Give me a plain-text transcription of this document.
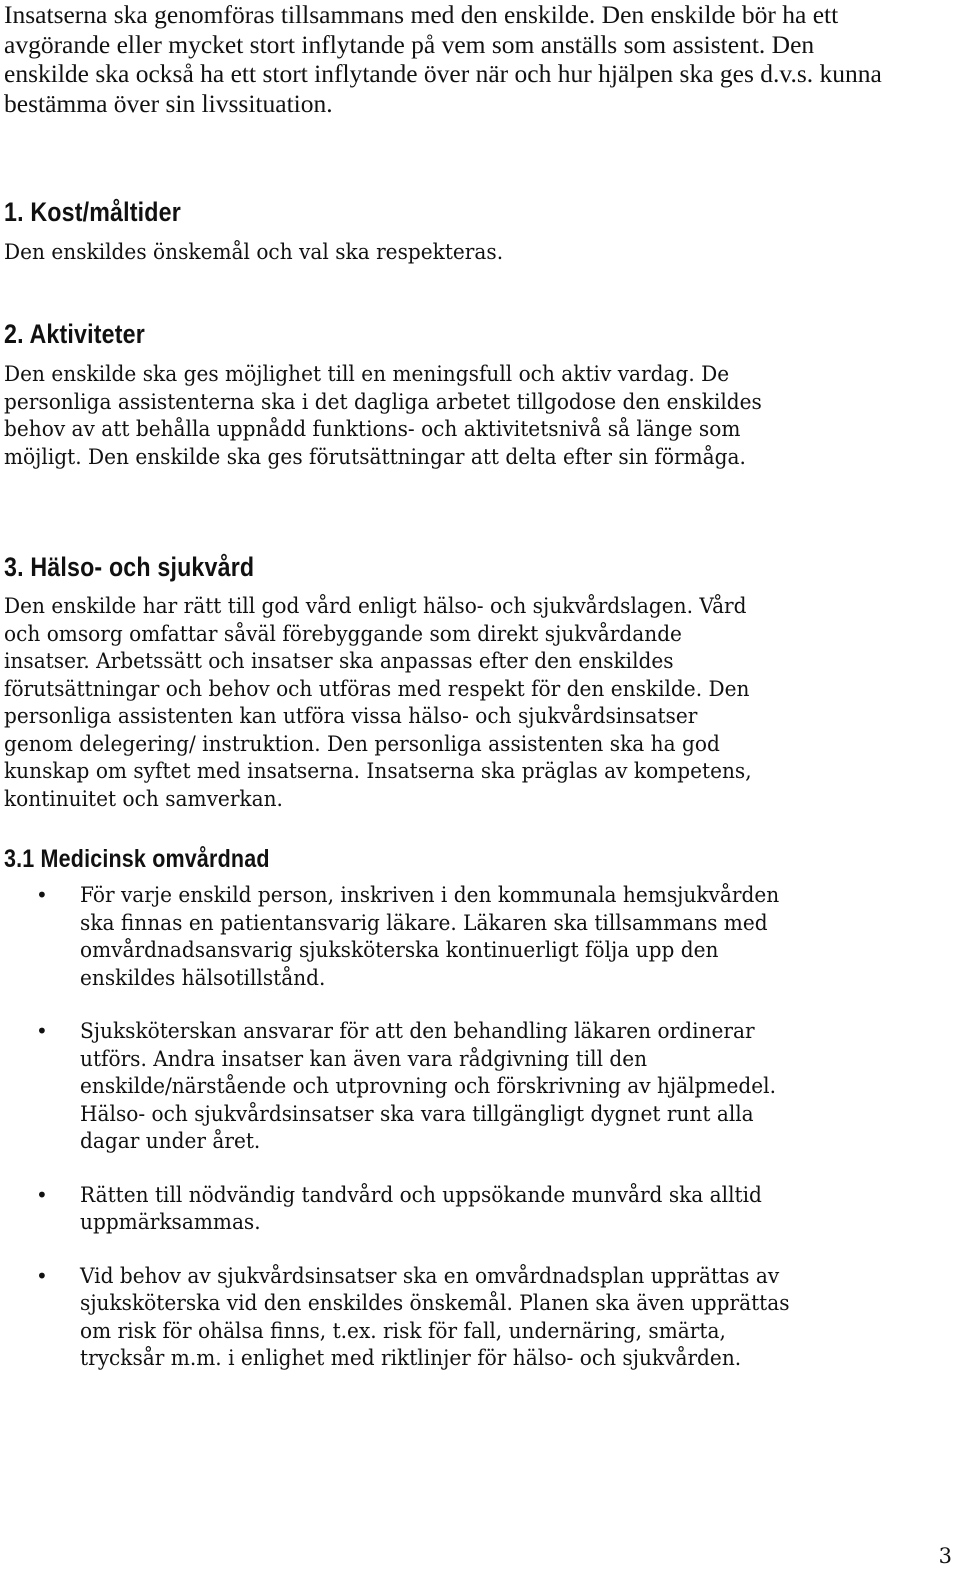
Insatserna ska genomföras tillsammans med den enskilde. Den enskilde bör ha ett avgörande eller mycket stort inflytande på vem som anställs som assistent. Den enskilde ska också ha ett stort inflytande över när och hur hjälpen ska ges d.v.s. kunna bestämma över sin livssituation.

1. Kost/måltider

Den enskildes önskemål och val ska respekteras.

2. Aktiviteter

Den enskilde ska ges möjlighet till en meningsfull och aktiv vardag. De personliga assistenterna ska i det dagliga arbetet tillgodose den enskildes behov av att behålla uppnådd funktions- och aktivitetsnivå så länge som möjligt. Den enskilde ska ges förutsättningar att delta efter sin förmåga.

3. Hälso- och sjukvård

Den enskilde har rätt till god vård enligt hälso- och sjukvårdslagen. Vård och omsorg omfattar såväl förebyggande som direkt sjukvårdande insatser. Arbetssätt och insatser ska anpassas efter den enskildes förutsättningar och behov och utföras med respekt för den enskilde. Den personliga assistenten kan utföra vissa hälso- och sjukvårdsinsatser genom delegering/ instruktion. Den personliga assistenten ska ha god kunskap om syftet med insatserna. Insatserna ska präglas av kompetens, kontinuitet och samverkan.

3.1 Medicinsk omvårdnad
• För varje enskild person, inskriven i den kommunala hemsjukvården ska finnas en patientansvarig läkare. Läkaren ska tillsammans med omvårdnadsansvarig sjuksköterska kontinuerligt följa upp den enskildes hälsotillstånd.
• Sjuksköterskan ansvarar för att den behandling läkaren ordinerar utförs. Andra insatser kan även vara rådgivning till den enskilde/närstående och utprovning och förskrivning av hjälpmedel. Hälso- och sjukvårdsinsatser ska vara tillgängligt dygnet runt alla dagar under året.
• Rätten till nödvändig tandvård och uppsökande munvård ska alltid uppmärksammas.
• Vid behov av sjukvårdsinsatser ska en omvårdnadsplan upprättas av sjuksköterska vid den enskildes önskemål. Planen ska även upprättas om risk för ohälsa finns, t.ex. risk för fall, undernäring, smärta, trycksår m.m. i enlighet med riktlinjer för hälso- och sjukvården.
3
